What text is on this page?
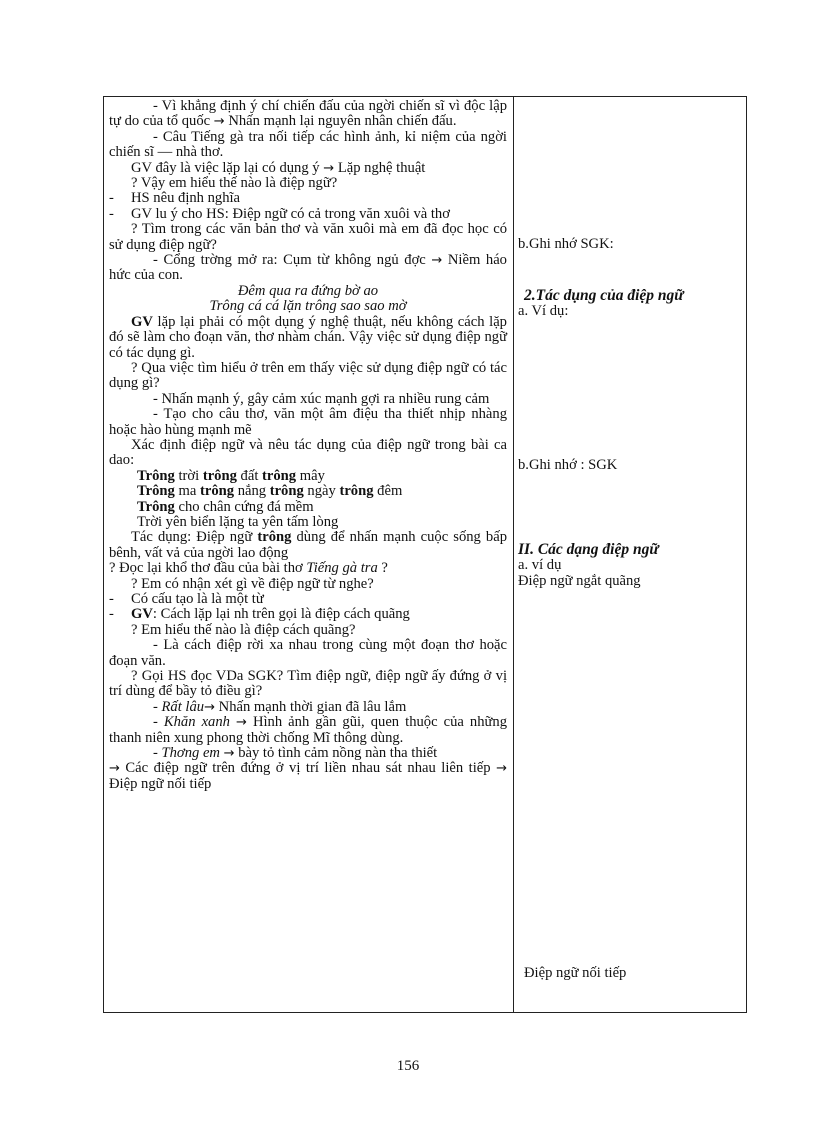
- Vì khẳng định ý chí chiến đấu của ngời chiến sĩ vì độc lập tự do của tổ quốc → Nhấn mạnh lại nguyên nhân chiến đấu.

- Câu Tiếng gà tra nối tiếp các hình ảnh, kỉ niệm của ngời chiến sĩ — nhà thơ.

GV đây là việc lặp lại có dụng ý → Lặp nghệ thuật

? Vậy em hiểu thế nào là điệp ngữ?

-	HS nêu định nghĩa
-	GV lu ý cho HS: Điệp ngữ có cả trong văn xuôi và thơ

? Tìm trong các văn bản thơ và văn xuôi mà em đã đọc học có sử dụng điệp ngữ?

- Cổng trờng mở ra: Cụm từ không ngủ đợc → Niềm háo hức của con.

Đêm qua ra đứng bờ ao

Trông cá cá lặn trông sao sao mờ

GV lặp lại phải có một dụng ý nghệ thuật, nếu không cách lặp đó sẽ làm cho đoạn văn, thơ nhàm chán. Vậy việc sử dụng điệp ngữ có tác dụng gì.

? Qua việc tìm hiểu ở trên em thấy việc sử dụng điệp ngữ có tác dụng gì?

- Nhấn mạnh ý, gây cảm xúc mạnh gợi ra nhiều rung cảm

- Tạo cho câu thơ, văn một âm điệu tha thiết nhịp nhàng hoặc hào hùng mạnh mẽ

Xác định điệp ngữ và nêu tác dụng của điệp ngữ trong bài ca dao:

Trông trời trông đất trông mây

Trông ma trông nắng trông ngày trông đêm

Trông cho chân cứng đá mềm

Trời yên biển lặng ta yên tấm lòng

Tác dụng: Điệp ngữ trông dùng để nhấn mạnh cuộc sống bấp bênh, vất vả của ngời lao động

? Đọc lại khổ thơ đầu của bài thơ Tiếng gà tra ?

? Em có nhận xét gì về điệp ngữ từ nghe?

-	Có cấu tạo là là một từ
-	GV: Cách lặp lại nh trên gọi là điệp cách quãng

? Em hiểu thế nào là điệp cách quãng?

- Là cách điệp rời xa nhau trong cùng một đoạn thơ hoặc đoạn văn.

? Gọi HS đọc VDa SGK? Tìm điệp ngữ, điệp ngữ ấy đứng ở vị trí dùng để bầy tỏ điều gì?

- Rất lâu→ Nhấn mạnh thời gian đã lâu lắm

- Khăn xanh → Hình ảnh gần gũi, quen thuộc của những thanh niên xung phong thời chống Mĩ thông dùng.

- Thơng em → bày tỏ tình cảm nồng nàn tha thiết

→ Các điệp ngữ trên đứng ở vị trí liền nhau sát nhau liên tiếp → Điệp ngữ nối tiếp

b.Ghi nhớ SGK:
2.Tác dụng của điệp ngữ
a. Ví dụ:
b.Ghi nhớ : SGK
II. Các dạng điệp ngữ
a. ví dụ
Điệp ngữ ngắt quãng
Điệp ngữ nối tiếp
156
